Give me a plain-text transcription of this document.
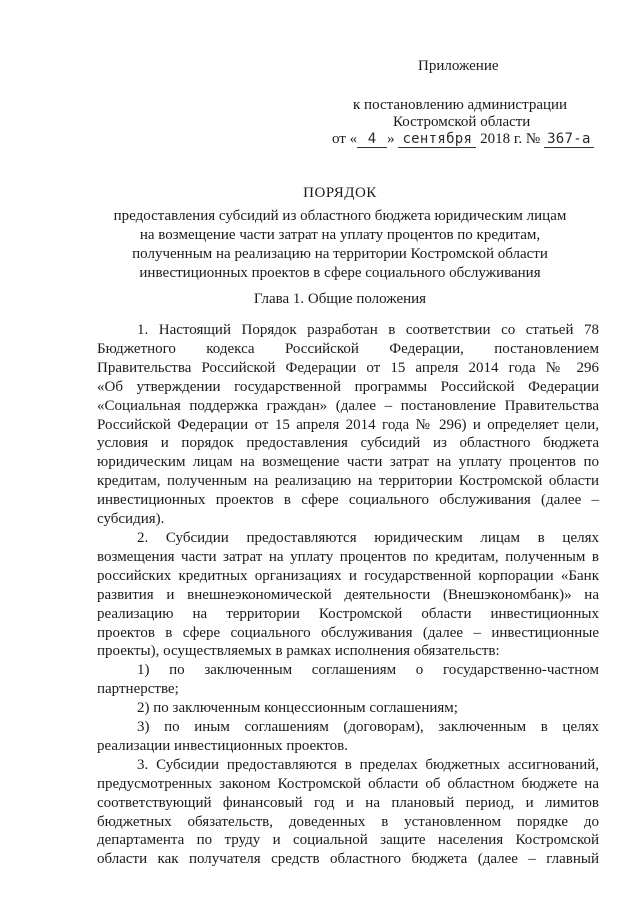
Приложение
к постановлению администрации
Костромской области
от « 4 » сентября 2018 г. № 367-а
ПОРЯДОК
предоставления субсидий из областного бюджета юридическим лицам
на возмещение части затрат на уплату процентов по кредитам,
полученным на реализацию на территории Костромской области
инвестиционных проектов в сфере социального обслуживания
Глава 1. Общие положения

1. Настоящий Порядок разработан в соответствии со статьей 78

Бюджетного кодекса Российской Федерации, постановлением

Правительства Российской Федерации от 15 апреля 2014 года № 296

«Об утверждении государственной программы Российской Федерации

«Социальная поддержка граждан» (далее – постановление Правительства

Российской Федерации от 15 апреля 2014 года № 296) и определяет цели,

условия и порядок предоставления субсидий из областного бюджета

юридическим лицам на возмещение части затрат на уплату процентов по

кредитам, полученным на реализацию на территории Костромской области

инвестиционных проектов в сфере социального обслуживания (далее –

субсидия).

2. Субсидии предоставляются юридическим лицам в целях

возмещения части затрат на уплату процентов по кредитам, полученным в

российских кредитных организациях и государственной корпорации «Банк

развития и внешнеэкономической деятельности (Внешэкономбанк)» на

реализацию на территории Костромской области инвестиционных

проектов в сфере социального обслуживания (далее – инвестиционные

проекты), осуществляемых в рамках исполнения обязательств:

1) по заключенным соглашениям о государственно-частном

партнерстве;

2) по заключенным концессионным соглашениям;

3) по иным соглашениям (договорам), заключенным в целях

реализации инвестиционных проектов.

3. Субсидии предоставляются в пределах бюджетных ассигнований,

предусмотренных законом Костромской области об областном бюджете на

соответствующий финансовый год и на плановый период, и лимитов

бюджетных обязательств, доведенных в установленном порядке до

департамента по труду и социальной защите населения Костромской

области как получателя средств областного бюджета (далее – главный
